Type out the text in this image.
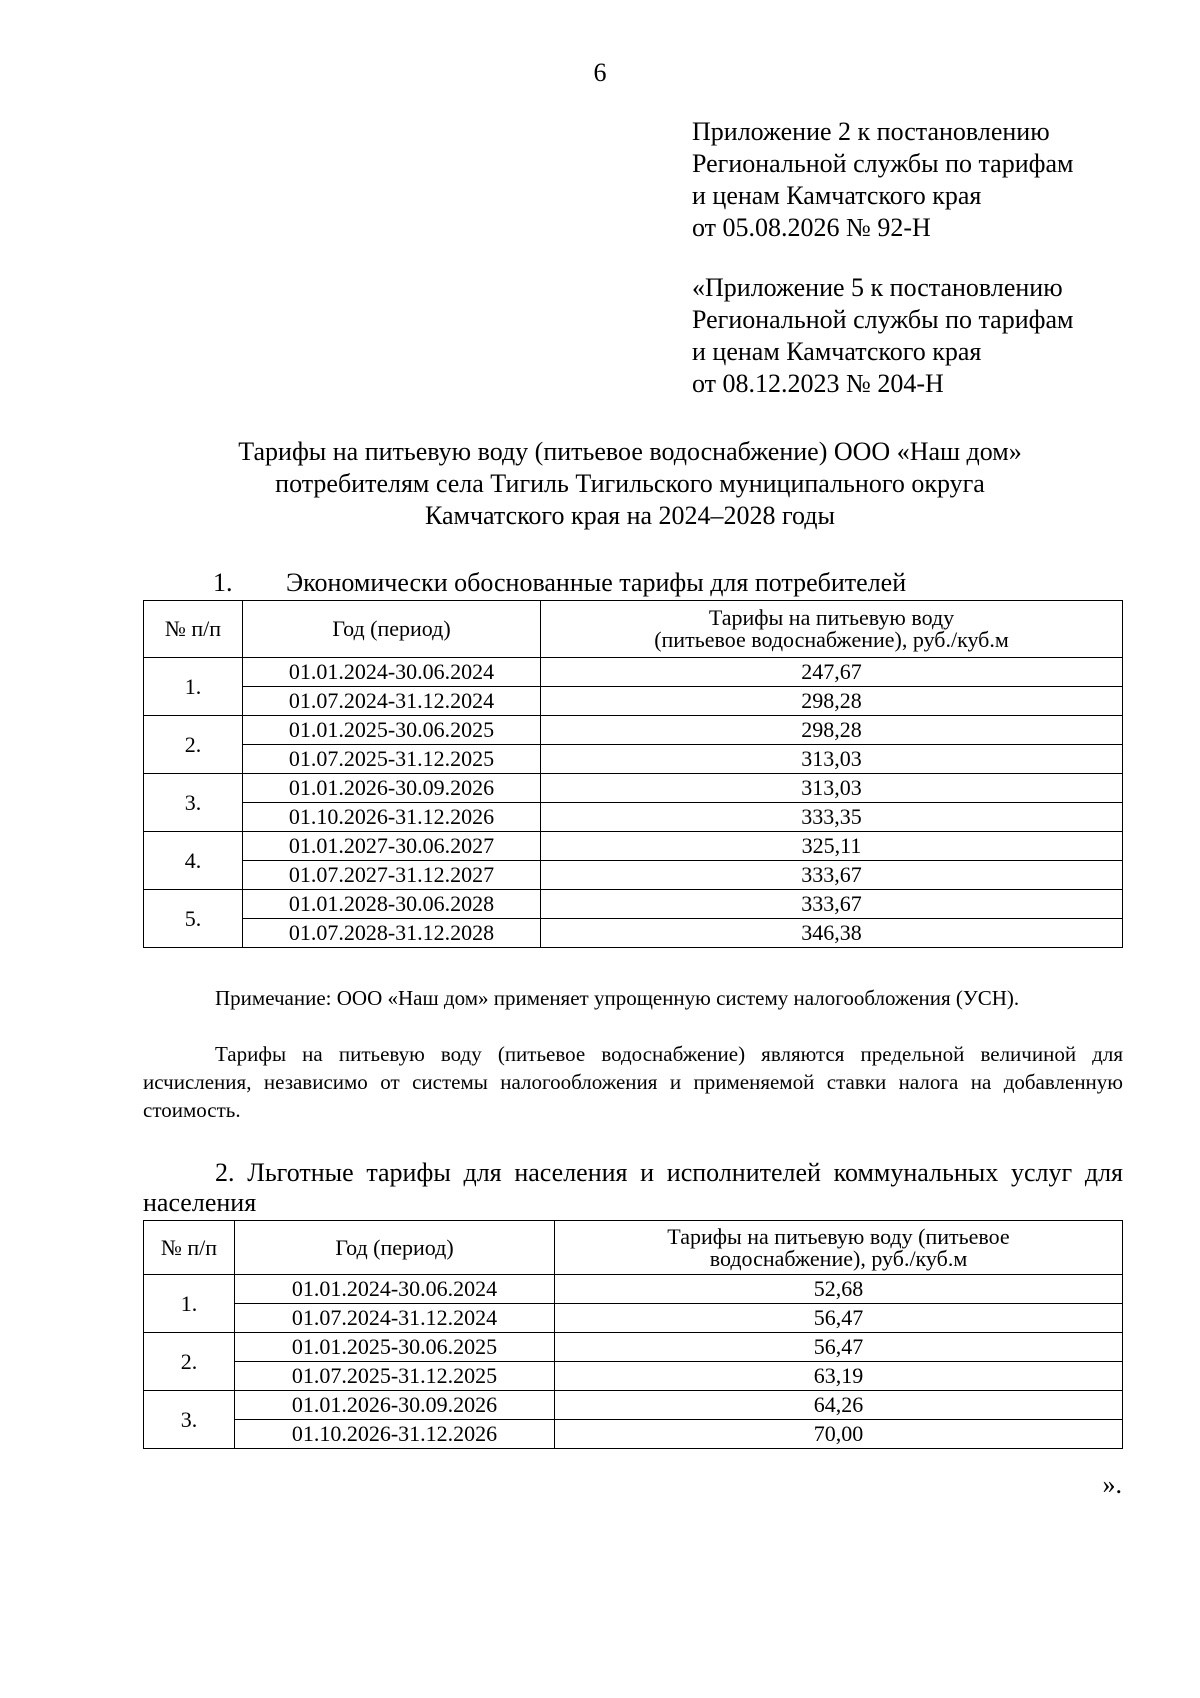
6
Приложение 2 к постановлению
Региональной службы по тарифам
и ценам Камчатского края
от 05.08.2026 № 92-Н
«Приложение 5 к постановлению
Региональной службы по тарифам
и ценам Камчатского края
от 08.12.2023 № 204-Н
Тарифы на питьевую воду (питьевое водоснабжение) ООО «Наш дом»
потребителям села Тигиль Тигильского муниципального округа
Камчатского края на 2024–2028 годы
1. Экономически обоснованные тарифы для потребителей
№ п/п	Год (период)	Тарифы на питьевую воду
(питьевое водоснабжение), руб./куб.м

1.	01.01.2024-30.06.2024	247,67
	01.07.2024-31.12.2024	298,28
2.	01.01.2025-30.06.2025	298,28
	01.07.2025-31.12.2025	313,03
3.	01.01.2026-30.09.2026	313,03
	01.10.2026-31.12.2026	333,35
4.	01.01.2027-30.06.2027	325,11
	01.07.2027-31.12.2027	333,67
5.	01.01.2028-30.06.2028	333,67
	01.07.2028-31.12.2028	346,38
Примечание: ООО «Наш дом» применяет упрощенную систему налогообложения (УСН).
Тарифы на питьевую воду (питьевое водоснабжение) являются предельной величиной для исчисления, независимо от системы налогообложения и применяемой ставки налога на добавленную стоимость.
2. Льготные тарифы для населения и исполнителей коммунальных услуг для населения
№ п/п	Год (период)	Тарифы на питьевую воду (питьевое
водоснабжение), руб./куб.м

1.	01.01.2024-30.06.2024	52,68
	01.07.2024-31.12.2024	56,47
2.	01.01.2025-30.06.2025	56,47
	01.07.2025-31.12.2025	63,19
3.	01.01.2026-30.09.2026	64,26
	01.10.2026-31.12.2026	70,00
».
